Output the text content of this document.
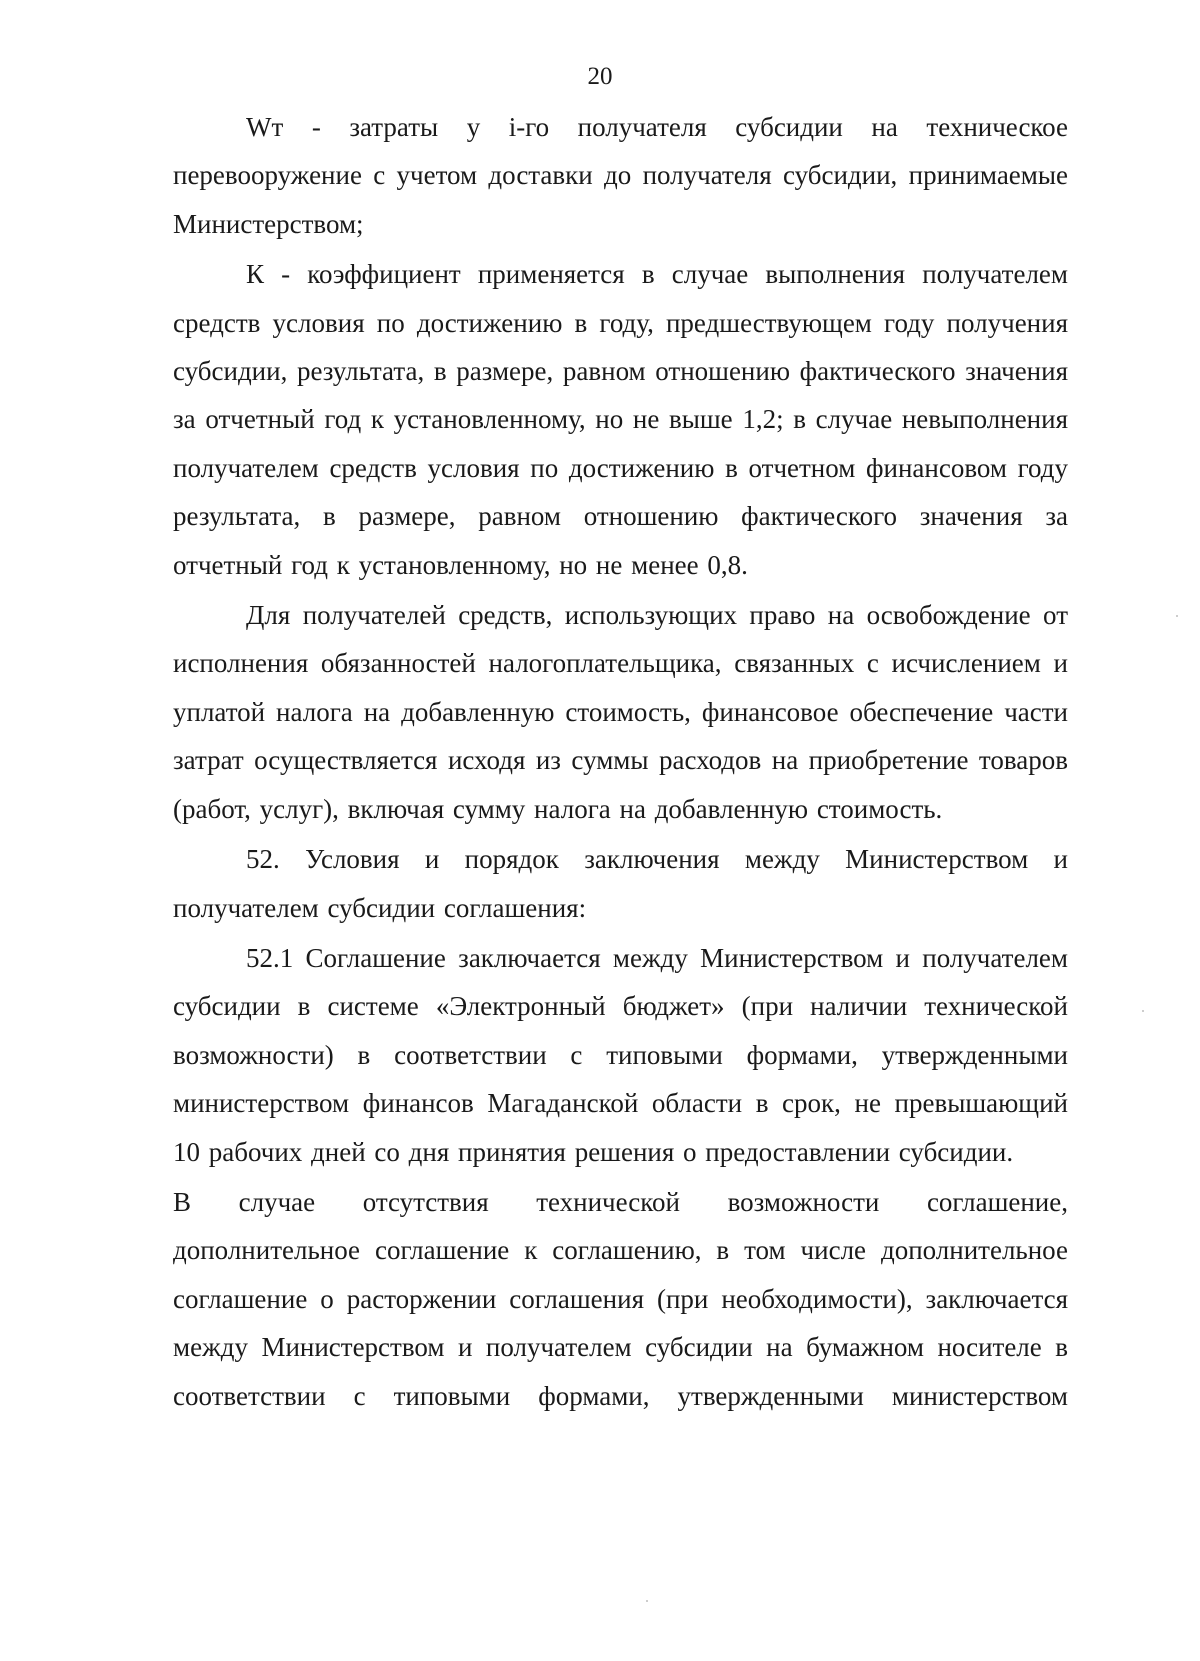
20

Wт - затраты у i-го получателя субсидии на техническое перевооружение с учетом доставки до получателя субсидии, принимаемые Министерством;

К - коэффициент применяется в случае выполнения получателем средств условия по достижению в году, предшествующем году получения субсидии, результата, в размере, равном отношению фактического значения за отчетный год к установленному, но не выше 1,2; в случае невыполнения получателем средств условия по достижению в отчетном финансовом году результата, в размере, равном отношению фактического значения за отчетный год к установленному, но не менее 0,8.

Для получателей средств, использующих право на освобождение от исполнения обязанностей налогоплательщика, связанных с исчислением и уплатой налога на добавленную стоимость, финансовое обеспечение части затрат осуществляется исходя из суммы расходов на приобретение товаров (работ, услуг), включая сумму налога на добавленную стоимость.

52. Условия и порядок заключения между Министерством и получателем субсидии соглашения:

52.1 Соглашение заключается между Министерством и получателем субсидии в системе «Электронный бюджет» (при наличии технической возможности) в соответствии с типовыми формами, утвержденными министерством финансов Магаданской области в срок, не превышающий 10 рабочих дней со дня принятия решения о предоставлении субсидии.

В случае отсутствия технической возможности соглашение, дополнительное соглашение к соглашению, в том числе дополнительное соглашение о расторжении соглашения (при необходимости), заключается между Министерством и получателем субсидии на бумажном носителе в соответствии с типовыми формами, утвержденными министерством
